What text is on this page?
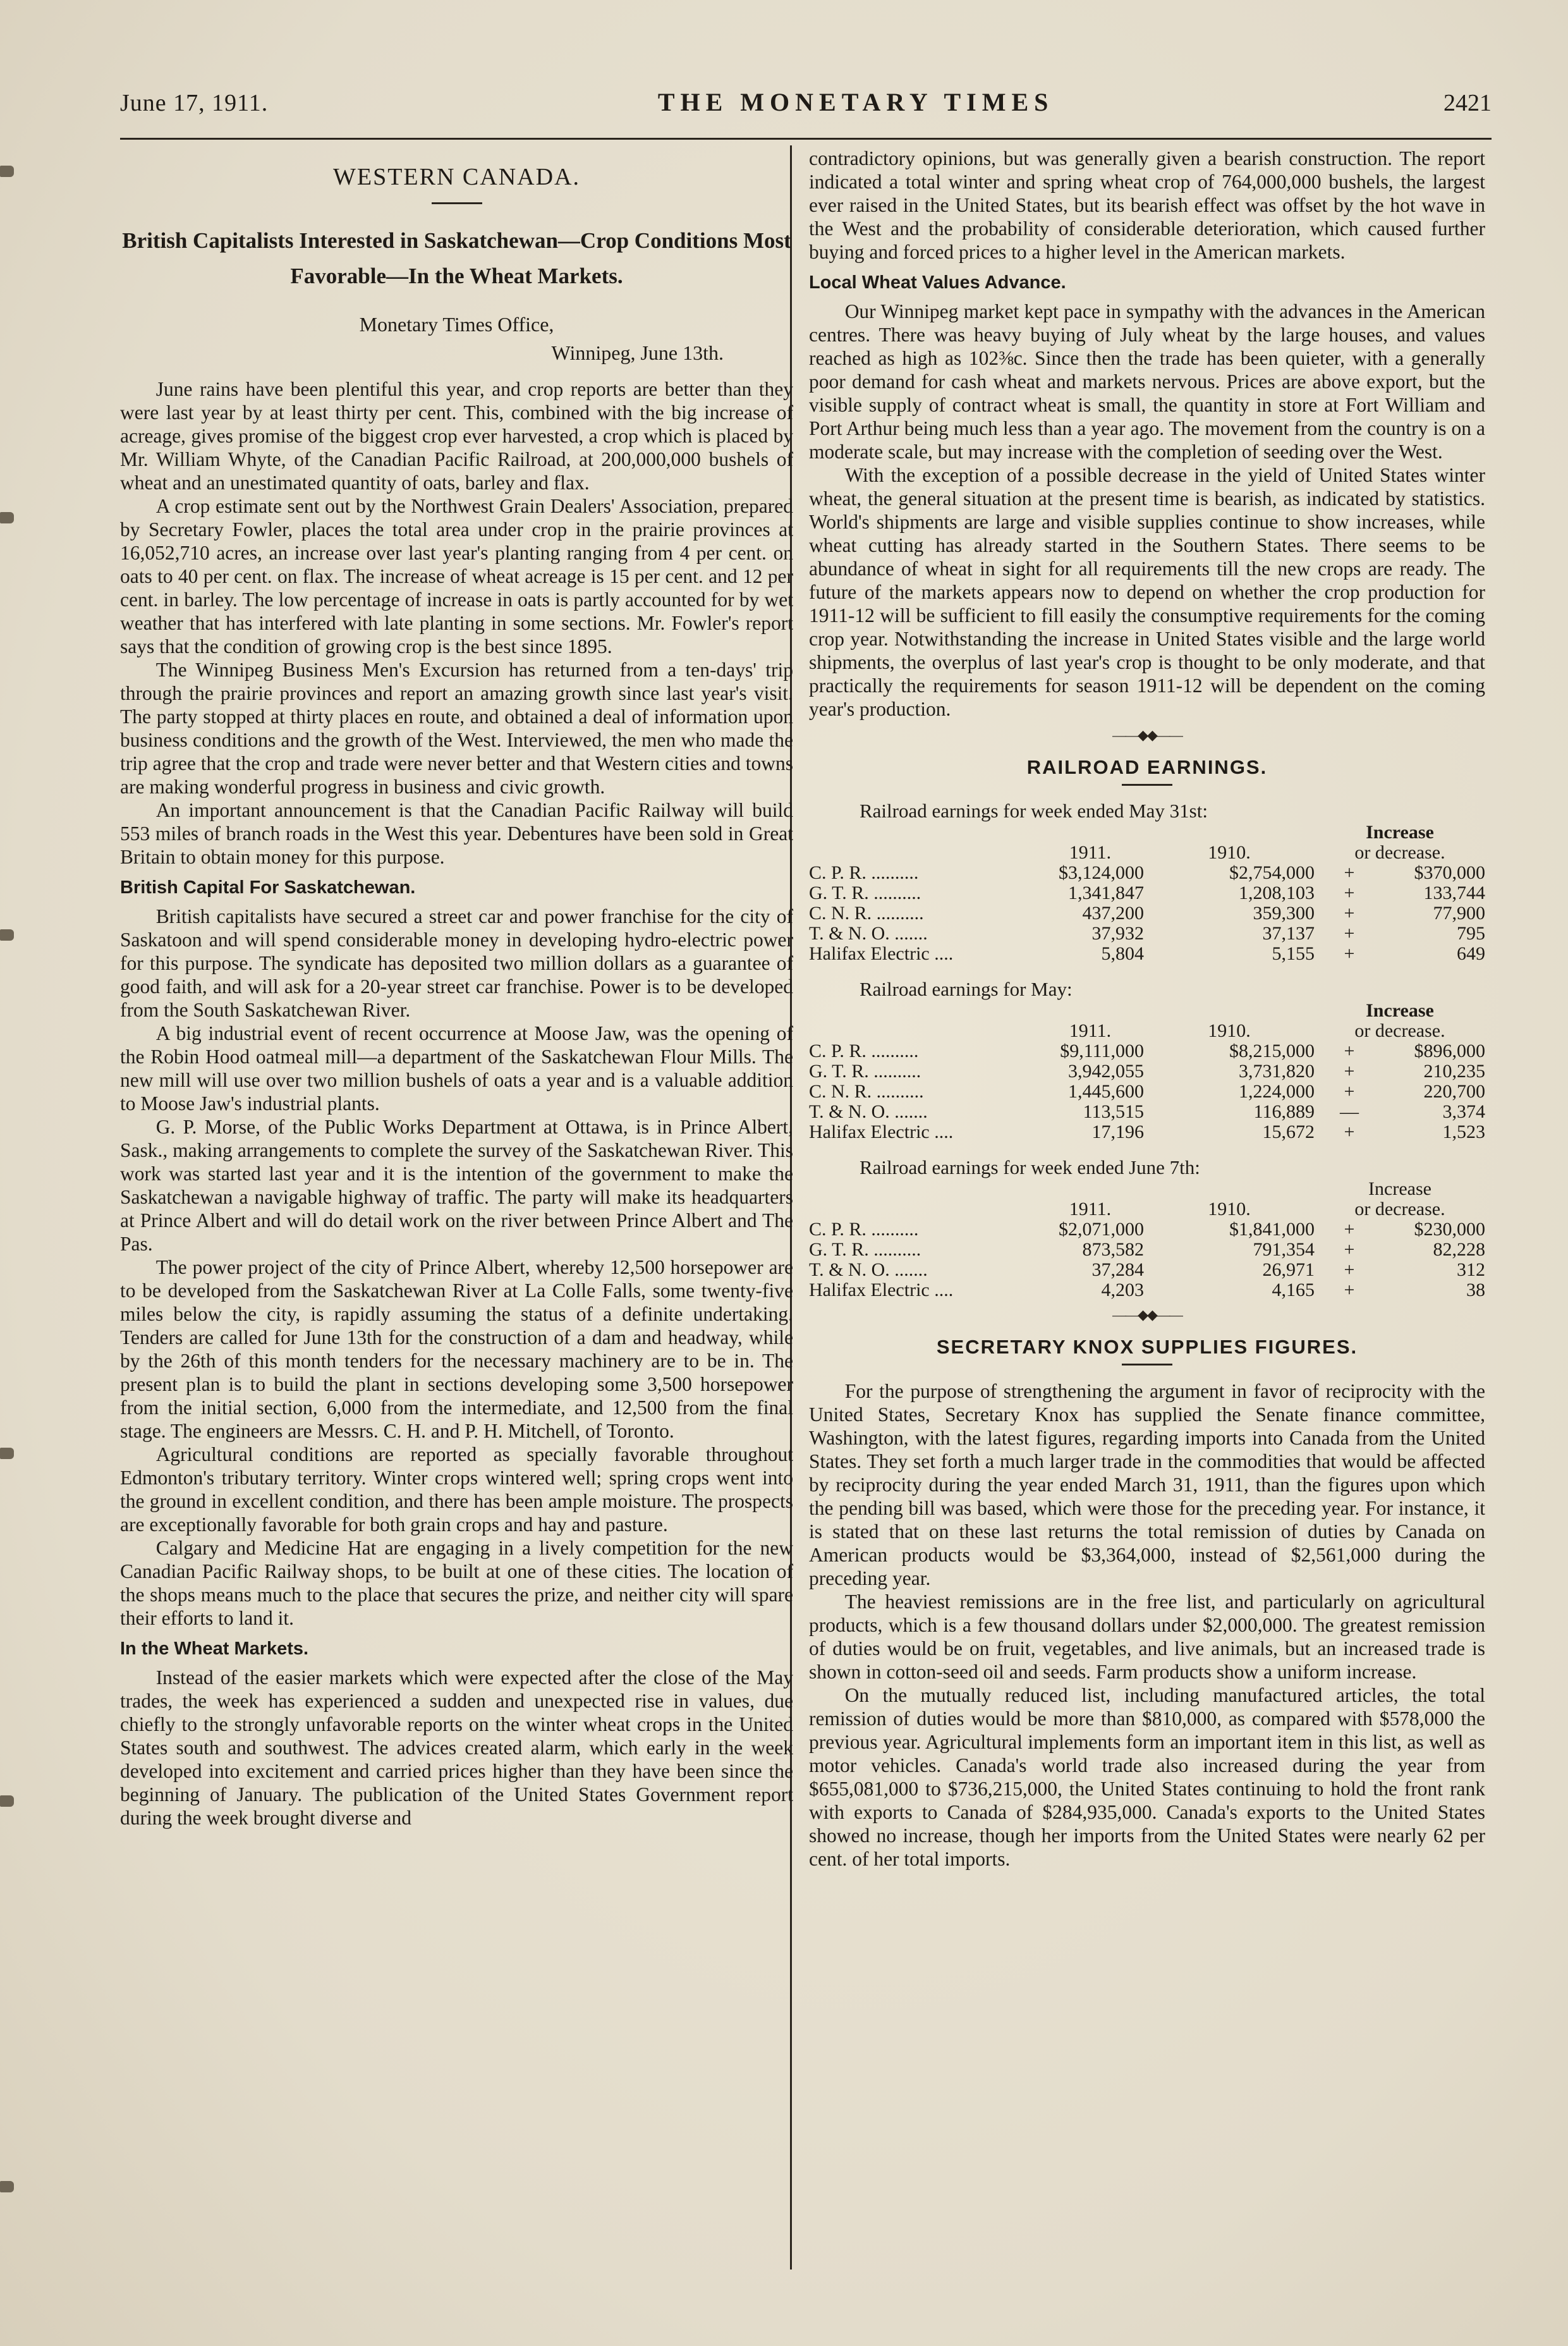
June 17, 1911.	THE MONETARY TIMES	2421
WESTERN CANADA.
British Capitalists Interested in Saskatchewan—Crop Conditions Most Favorable—In the Wheat Markets.
Monetary Times Office,
Winnipeg, June 13th.

June rains have been plentiful this year, and crop reports are better than they were last year by at least thirty per cent. This, combined with the big increase of acreage, gives promise of the biggest crop ever harvested, a crop which is placed by Mr. William Whyte, of the Canadian Pacific Railroad, at 200,000,000 bushels of wheat and an unestimated quantity of oats, barley and flax.

A crop estimate sent out by the Northwest Grain Dealers' Association, prepared by Secretary Fowler, places the total area under crop in the prairie provinces at 16,052,710 acres, an increase over last year's planting ranging from 4 per cent. on oats to 40 per cent. on flax. The increase of wheat acreage is 15 per cent. and 12 per cent. in barley. The low percentage of increase in oats is partly accounted for by wet weather that has interfered with late planting in some sections. Mr. Fowler's report says that the condition of growing crop is the best since 1895.

The Winnipeg Business Men's Excursion has returned from a ten-days' trip through the prairie provinces and report an amazing growth since last year's visit. The party stopped at thirty places en route, and obtained a deal of information upon business conditions and the growth of the West. Interviewed, the men who made the trip agree that the crop and trade were never better and that Western cities and towns are making wonderful progress in business and civic growth.

An important announcement is that the Canadian Pacific Railway will build 553 miles of branch roads in the West this year. Debentures have been sold in Great Britain to obtain money for this purpose.

British Capital For Saskatchewan.

British capitalists have secured a street car and power franchise for the city of Saskatoon and will spend considerable money in developing hydro-electric power for this purpose. The syndicate has deposited two million dollars as a guarantee of good faith, and will ask for a 20-year street car franchise. Power is to be developed from the South Saskatchewan River.

A big industrial event of recent occurrence at Moose Jaw, was the opening of the Robin Hood oatmeal mill—a department of the Saskatchewan Flour Mills. The new mill will use over two million bushels of oats a year and is a valuable addition to Moose Jaw's industrial plants.

G. P. Morse, of the Public Works Department at Ottawa, is in Prince Albert, Sask., making arrangements to complete the survey of the Saskatchewan River. This work was started last year and it is the intention of the government to make the Saskatchewan a navigable highway of traffic. The party will make its headquarters at Prince Albert and will do detail work on the river between Prince Albert and The Pas.

The power project of the city of Prince Albert, whereby 12,500 horsepower are to be developed from the Saskatchewan River at La Colle Falls, some twenty-five miles below the city, is rapidly assuming the status of a definite undertaking. Tenders are called for June 13th for the construction of a dam and headway, while by the 26th of this month tenders for the necessary machinery are to be in. The present plan is to build the plant in sections developing some 3,500 horsepower from the initial section, 6,000 from the intermediate, and 12,500 from the final stage. The engineers are Messrs. C. H. and P. H. Mitchell, of Toronto.

Agricultural conditions are reported as specially favorable throughout Edmonton's tributary territory. Winter crops wintered well; spring crops went into the ground in excellent condition, and there has been ample moisture. The prospects are exceptionally favorable for both grain crops and hay and pasture.

Calgary and Medicine Hat are engaging in a lively competition for the new Canadian Pacific Railway shops, to be built at one of these cities. The location of the shops means much to the place that secures the prize, and neither city will spare their efforts to land it.

In the Wheat Markets.

Instead of the easier markets which were expected after the close of the May trades, the week has experienced a sudden and unexpected rise in values, due chiefly to the strongly unfavorable reports on the winter wheat crops in the United States south and southwest. The advices created alarm, which early in the week developed into excitement and carried prices higher than they have been since the beginning of January. The publication of the United States Government report during the week brought diverse and

contradictory opinions, but was generally given a bearish construction. The report indicated a total winter and spring wheat crop of 764,000,000 bushels, the largest ever raised in the United States, but its bearish effect was offset by the hot wave in the West and the probability of considerable deterioration, which caused further buying and forced prices to a higher level in the American markets.

Local Wheat Values Advance.

Our Winnipeg market kept pace in sympathy with the advances in the American centres. There was heavy buying of July wheat by the large houses, and values reached as high as 102⅜c. Since then the trade has been quieter, with a generally poor demand for cash wheat and markets nervous. Prices are above export, but the visible supply of contract wheat is small, the quantity in store at Fort William and Port Arthur being much less than a year ago. The movement from the country is on a moderate scale, but may increase with the completion of seeding over the West.

With the exception of a possible decrease in the yield of United States winter wheat, the general situation at the present time is bearish, as indicated by statistics. World's shipments are large and visible supplies continue to show increases, while wheat cutting has already started in the Southern States. There seems to be abundance of wheat in sight for all requirements till the new crops are ready. The future of the markets appears now to depend on whether the crop production for 1911-12 will be sufficient to fill easily the consumptive requirements for the coming crop year. Notwithstanding the increase in United States visible and the large world shipments, the overplus of last year's crop is thought to be only moderate, and that practically the requirements for season 1911-12 will be dependent on the coming year's production.

——◆◆——
RAILROAD EARNINGS.
Railroad earnings for week ended May 31st:
			Increase
	1911.	1910.	or decrease.
C. P. R. ..........	$3,124,000	$2,754,000	+ $370,000
G. T. R. ..........	1,341,847	1,208,103	+ 133,744
C. N. R. ..........	437,200	359,300	+ 77,900
T. & N. O. .......	37,932	37,137	+ 795
Halifax Electric ....	5,804	5,155	+ 649
Railroad earnings for May:
			Increase
	1911.	1910.	or decrease.
C. P. R. ..........	$9,111,000	$8,215,000	+ $896,000
G. T. R. ..........	3,942,055	3,731,820	+ 210,235
C. N. R. ..........	1,445,600	1,224,000	+ 220,700
T. & N. O. .......	113,515	116,889	— 3,374
Halifax Electric ....	17,196	15,672	+ 1,523
Railroad earnings for week ended June 7th:
			Increase
	1911.	1910.	or decrease.
C. P. R. ..........	$2,071,000	$1,841,000	+ $230,000
G. T. R. ..........	873,582	791,354	+ 82,228
T. & N. O. .......	37,284	26,971	+ 312
Halifax Electric ....	4,203	4,165	+ 38
——◆◆——
SECRETARY KNOX SUPPLIES FIGURES.

For the purpose of strengthening the argument in favor of reciprocity with the United States, Secretary Knox has supplied the Senate finance committee, Washington, with the latest figures, regarding imports into Canada from the United States. They set forth a much larger trade in the commodities that would be affected by reciprocity during the year ended March 31, 1911, than the figures upon which the pending bill was based, which were those for the preceding year. For instance, it is stated that on these last returns the total remission of duties by Canada on American products would be $3,364,000, instead of $2,561,000 during the preceding year.

The heaviest remissions are in the free list, and particularly on agricultural products, which is a few thousand dollars under $2,000,000. The greatest remission of duties would be on fruit, vegetables, and live animals, but an increased trade is shown in cotton-seed oil and seeds. Farm products show a uniform increase.

On the mutually reduced list, including manufactured articles, the total remission of duties would be more than $810,000, as compared with $578,000 the previous year. Agricultural implements form an important item in this list, as well as motor vehicles. Canada's world trade also increased during the year from $655,081,000 to $736,215,000, the United States continuing to hold the front rank with exports to Canada of $284,935,000. Canada's exports to the United States showed no increase, though her imports from the United States were nearly 62 per cent. of her total imports.
